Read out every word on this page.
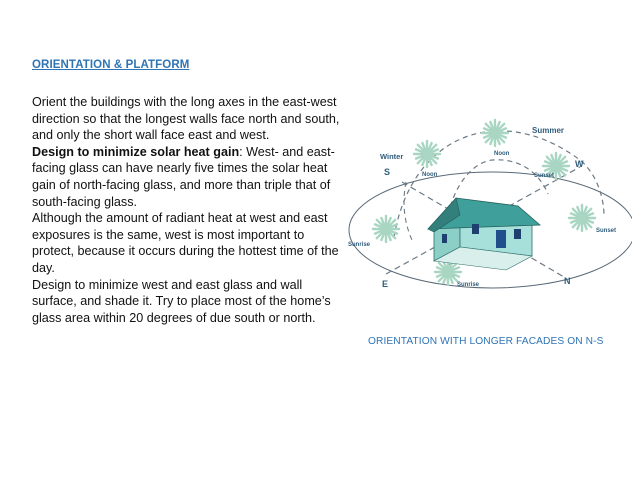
ORIENTATION & PLATFORM

Orient the buildings with the long axes in the east-west direction so that the longest walls face north and south, and only the short wall face east and west.

Design to minimize solar heat gain: West- and east-facing glass can have nearly five times the solar heat gain of north-facing glass, and more than triple that of south-facing glass.

Although the amount of radiant heat at west and east exposures is the same, west is most important to protect, because it occurs during the hottest time of the day.

Design to minimize west and east glass and wall surface, and shade it. Try to place most of the home’s glass area within 20 degrees of due south or north.

Summer
Winter	Noon
Noon	Sunset
Sunset
Sunrise
Sunrise
S
W
E	N
ORIENTATION WITH LONGER FACADES ON N-S
